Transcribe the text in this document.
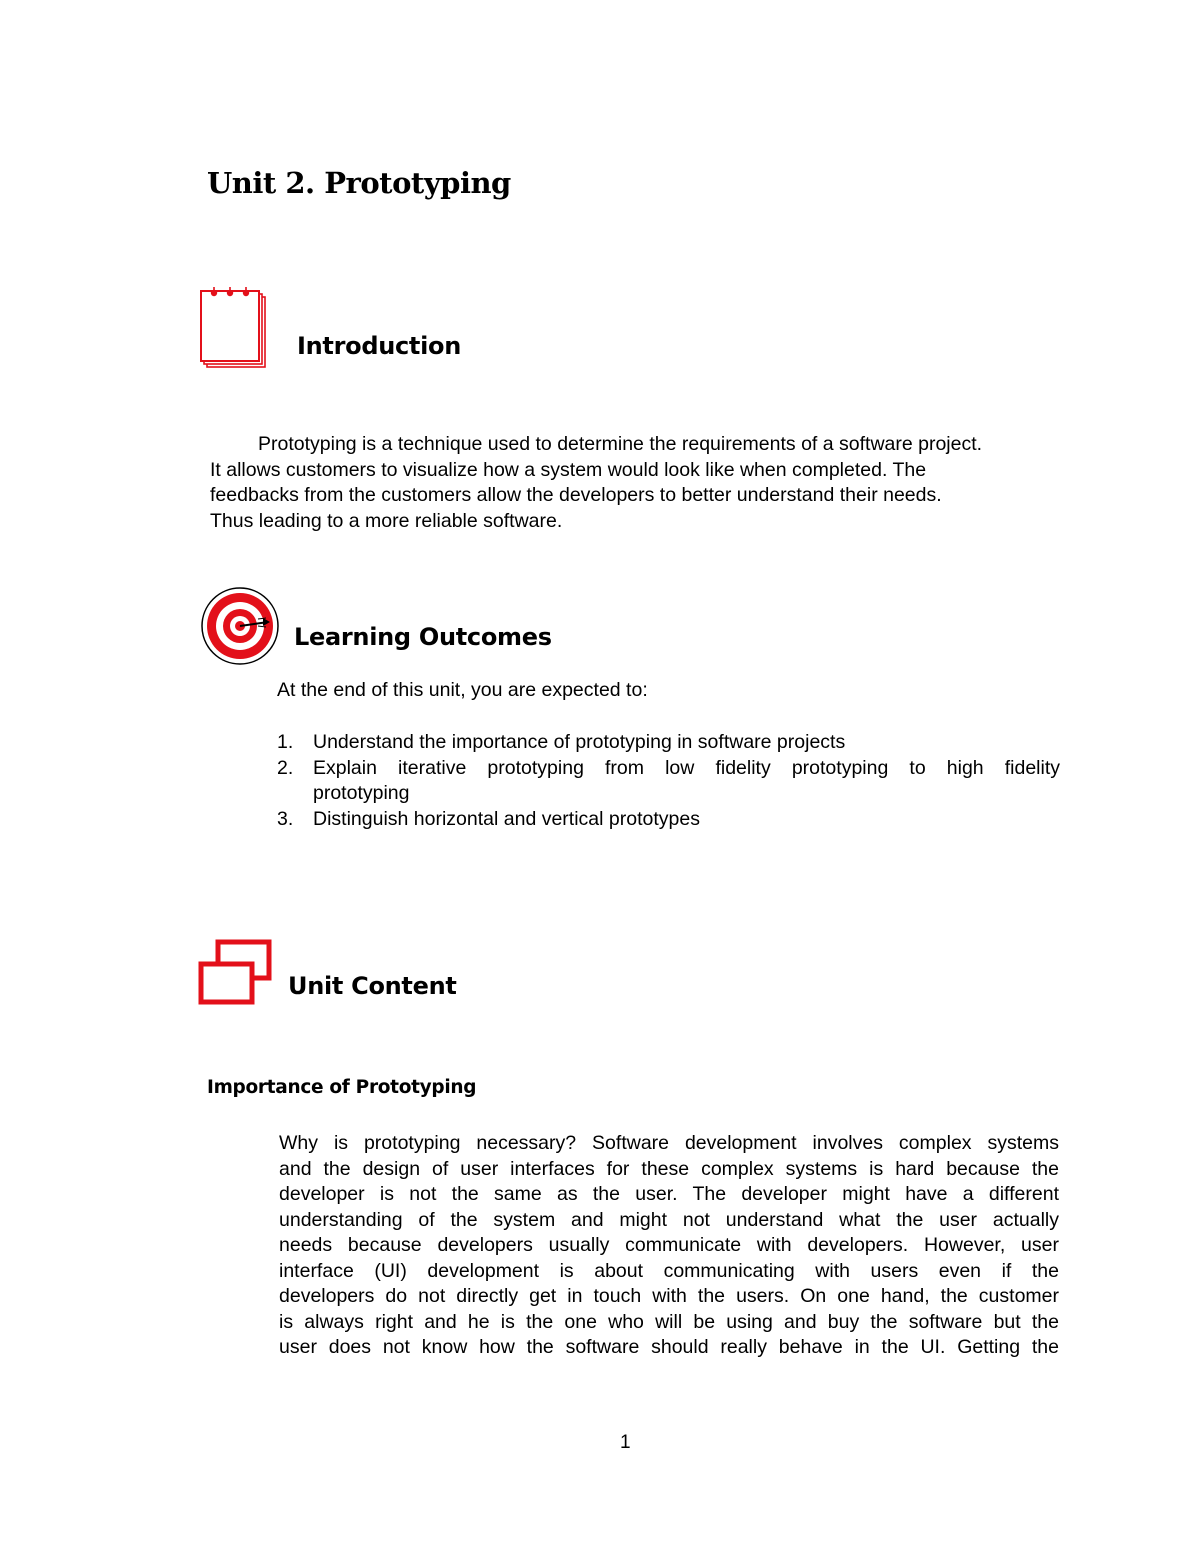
Unit 2. Prototyping
Introduction
Prototyping is a technique used to determine the requirements of a software project.
It allows customers to visualize how a system would look like when completed. The
feedbacks from the customers allow the developers to better understand their needs.
Thus leading to a more reliable software.
Learning Outcomes
At the end of this unit, you are expected to:
1. Understand the importance of prototyping in software projects
2. Explain iterative prototyping from low fidelity prototyping to high fidelity
prototyping
3. Distinguish horizontal and vertical prototypes
Unit Content
Importance of Prototyping
Why is prototyping necessary? Software development involves complex systems
and the design of user interfaces for these complex systems is hard because the
developer is not the same as the user. The developer might have a different
understanding of the system and might not understand what the user actually
needs because developers usually communicate with developers. However, user
interface (UI) development is about communicating with users even if the
developers do not directly get in touch with the users. On one hand, the customer
is always right and he is the one who will be using and buy the software but the
user does not know how the software should really behave in the UI. Getting the
1
